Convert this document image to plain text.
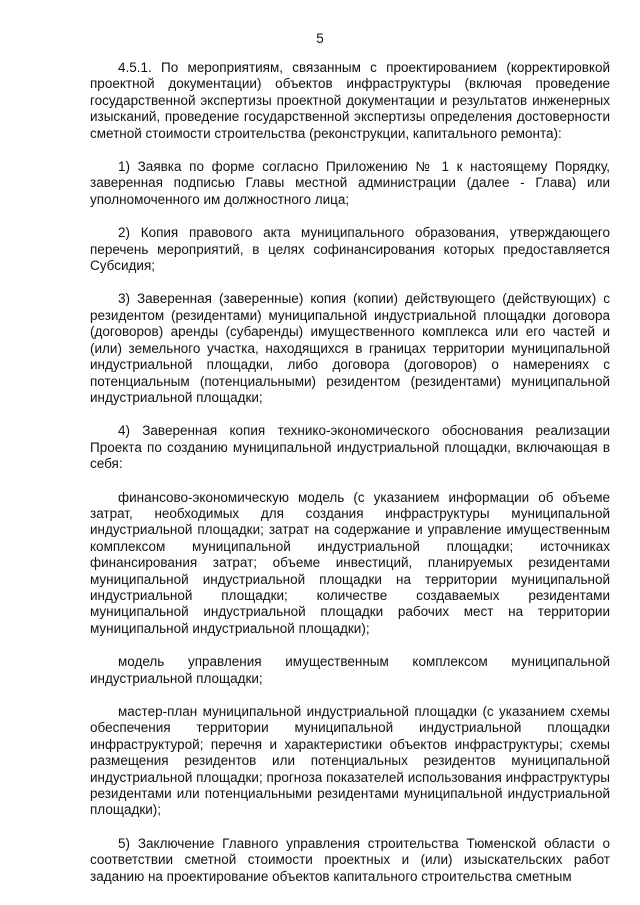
5

4.5.1. По мероприятиям, связанным с проектированием (корректировкой проектной документации) объектов инфраструктуры (включая проведение государственной экспертизы проектной документации и результатов инженерных изысканий, проведение государственной экспертизы определения достоверности сметной стоимости строительства (реконструкции, капитального ремонта):

1) Заявка по форме согласно Приложению № 1 к настоящему Порядку, заверенная подписью Главы местной администрации (далее - Глава) или уполномоченного им должностного лица;

2) Копия правового акта муниципального образования, утверждающего перечень мероприятий, в целях софинансирования которых предоставляется Субсидия;

3) Заверенная (заверенные) копия (копии) действующего (действующих) с резидентом (резидентами) муниципальной индустриальной площадки договора (договоров) аренды (субаренды) имущественного комплекса или его частей и (или) земельного участка, находящихся в границах территории муниципальной индустриальной площадки, либо договора (договоров) о намерениях с потенциальным (потенциальными) резидентом (резидентами) муниципальной индустриальной площадки;

4) Заверенная копия технико-экономического обоснования реализации Проекта по созданию муниципальной индустриальной площадки, включающая в себя:

финансово-экономическую модель (с указанием информации об объеме затрат, необходимых для создания инфраструктуры муниципальной индустриальной площадки; затрат на содержание и управление имущественным комплексом муниципальной индустриальной площадки; источниках финансирования затрат; объеме инвестиций, планируемых резидентами муниципальной индустриальной площадки на территории муниципальной индустриальной площадки; количестве создаваемых резидентами муниципальной индустриальной площадки рабочих мест на территории муниципальной индустриальной площадки);

модель управления имущественным комплексом муниципальной индустриальной площадки;

мастер-план муниципальной индустриальной площадки (с указанием схемы обеспечения территории муниципальной индустриальной площадки инфраструктурой; перечня и характеристики объектов инфраструктуры; схемы размещения резидентов или потенциальных резидентов муниципальной индустриальной площадки; прогноза показателей использования инфраструктуры резидентами или потенциальными резидентами муниципальной индустриальной площадки);

5) Заключение Главного управления строительства Тюменской области о соответствии сметной стоимости проектных и (или) изыскательских работ заданию на проектирование объектов капитального строительства сметным
